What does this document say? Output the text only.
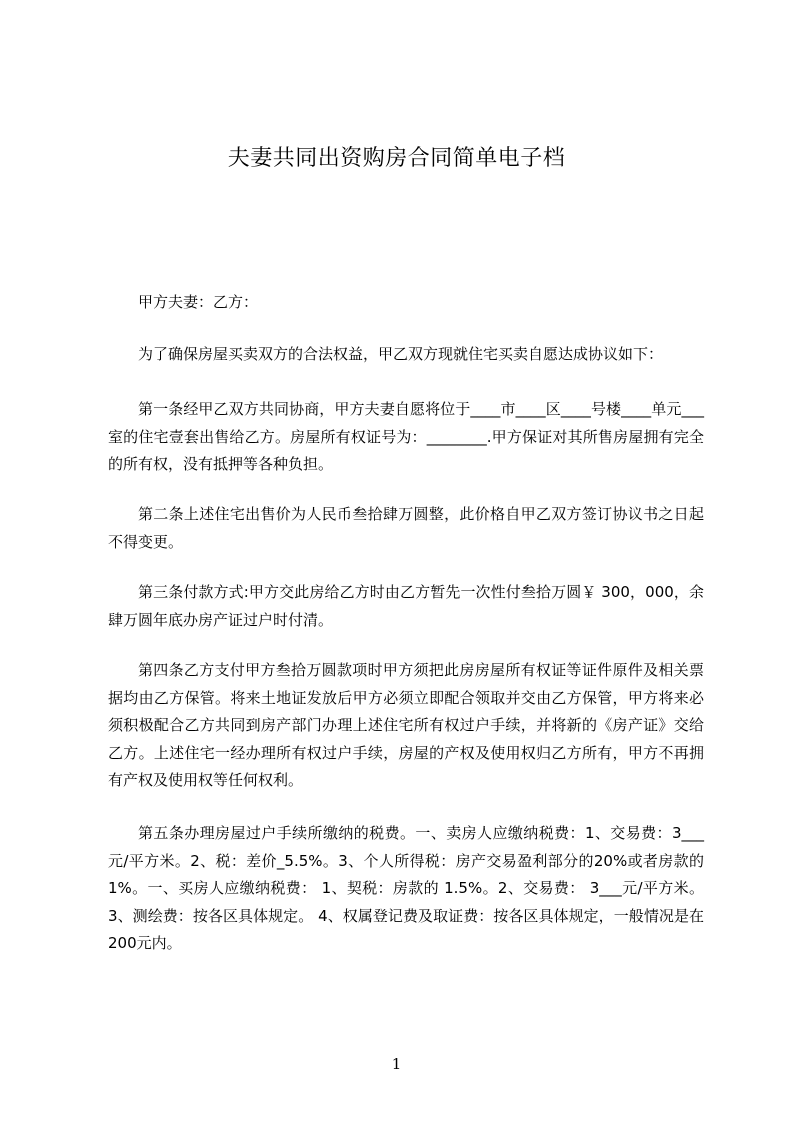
夫妻共同出资购房合同简单电子档

甲方夫妻：乙方：

为了确保房屋买卖双方的合法权益，甲乙双方现就住宅买卖自愿达成协议如下：

第一条经甲乙双方共同协商，甲方夫妻自愿将位于____市____区____号楼____单元___室的住宅壹套出售给乙方。房屋所有权证号为：________.甲方保证对其所售房屋拥有完全的所有权，没有抵押等各种负担。

第二条上述住宅出售价为人民币叁拾肆万圆整，此价格自甲乙双方签订协议书之日起不得变更。

第三条付款方式:甲方交此房给乙方时由乙方暂先一次性付叁拾万圆￥ 300，000，余肆万圆年底办房产证过户时付清。

第四条乙方支付甲方叁拾万圆款项时甲方须把此房房屋所有权证等证件原件及相关票据均由乙方保管。将来土地证发放后甲方必须立即配合领取并交由乙方保管，甲方将来必须积极配合乙方共同到房产部门办理上述住宅所有权过户手续，并将新的《房产证》交给乙方。上述住宅一经办理所有权过户手续，房屋的产权及使用权归乙方所有，甲方不再拥有产权及使用权等任何权利。

第五条办理房屋过户手续所缴纳的税费。一、卖房人应缴纳税费：1、交易费：3___元/平方米。2、税：差价_5.5%。3、个人所得税：房产交易盈利部分的20%或者房款的1%。一、买房人应缴纳税费： 1、契税：房款的 1.5%。2、交易费： 3___元/平方米。3、测绘费：按各区具体规定。 4、权属登记费及取证费：按各区具体规定，一般情况是在200元内。

1
